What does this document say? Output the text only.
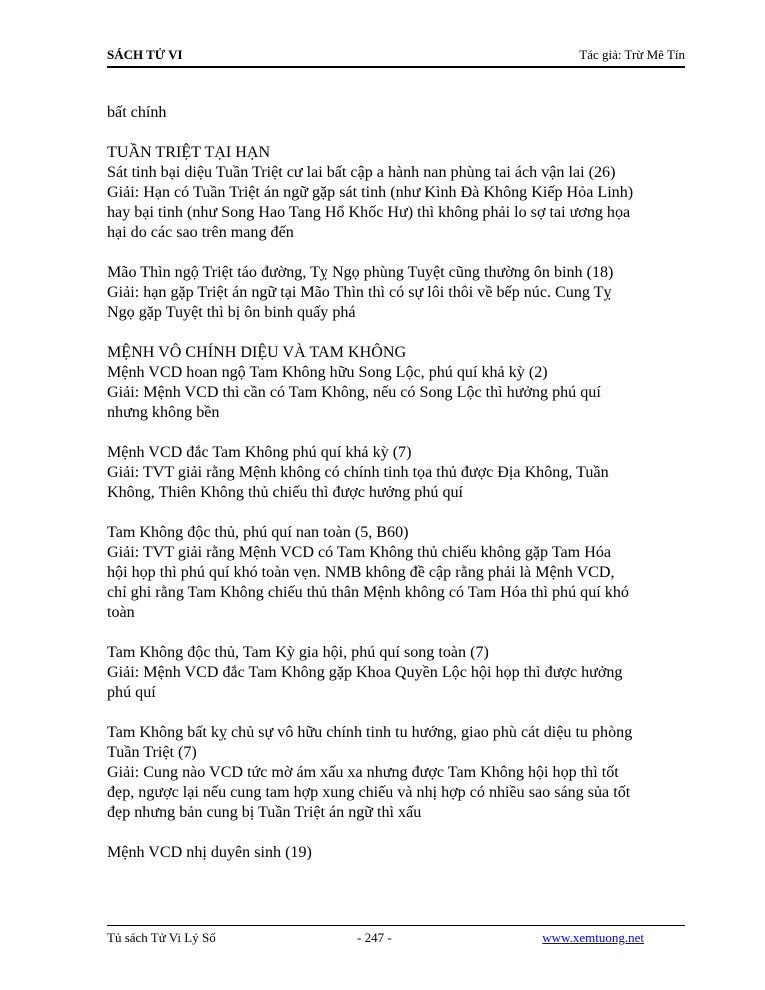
SÁCH TỬ VI	Tác giả: Trừ Mê Tín

bất chính

TUẦN TRIỆT TẠI HẠN
Sát tinh bại diệu Tuần Triệt cư lai bất cập a hành nan phùng tai ách vận lai (26)
Giải: Hạn có Tuần Triệt án ngữ gặp sát tinh (như Kình Đà Không Kiếp Hỏa Linh)
hay bại tinh (như Song Hao Tang Hổ Khốc Hư) thì không phải lo sợ tai ương họa
hại do các sao trên mang đến

Mão Thìn ngộ Triệt táo đường, Tỵ Ngọ phùng Tuyệt cũng thường ôn binh (18)
Giải: hạn gặp Triệt án ngữ tại Mão Thìn thì có sự lôi thôi về bếp núc. Cung Tỵ
Ngọ gặp Tuyệt thì bị ôn binh quấy phá

MỆNH VÔ CHÍNH DIỆU VÀ TAM KHÔNG
Mệnh VCD hoan ngộ Tam Không hữu Song Lộc, phú quí khả kỳ (2)
Giải: Mệnh VCD thì cần có Tam Không, nếu có Song Lộc thì hưởng phú quí
nhưng không bền

Mệnh VCD đắc Tam Không phú quí khả kỳ (7)
Giải: TVT giải rằng Mệnh không có chính tinh tọa thủ được Địa Không, Tuần
Không, Thiên Không thủ chiếu thì được hưởng phú quí

Tam Không độc thủ, phú quí nan toàn (5, B60)
Giải: TVT giải rằng Mệnh VCD có Tam Không thủ chiếu không gặp Tam Hóa
hội họp thì phú quí khó toàn vẹn. NMB không đề cập rằng phải là Mệnh VCD,
chỉ ghi rằng Tam Không chiếu thủ thân Mệnh không có Tam Hóa thì phú quí khó
toàn

Tam Không độc thủ, Tam Kỳ gia hội, phú quí song toàn (7)
Giải: Mệnh VCD đắc Tam Không gặp Khoa Quyền Lộc hội họp thì được hưởng
phú quí

Tam Không bất kỵ chủ sự vô hữu chính tinh tu hướng, giao phù cát diệu tu phòng
Tuần Triệt (7)
Giải: Cung nào VCD tức mờ ám xấu xa nhưng được Tam Không hội họp thì tốt
đẹp, ngược lại nếu cung tam hợp xung chiếu và nhị hợp có nhiều sao sáng sủa tốt
đẹp nhưng bản cung bị Tuần Triệt án ngữ thì xấu

Mệnh VCD nhị duyên sinh (19)

Tủ sách Tử Vi Lý Số	- 247 -	www.xemtuong.net
